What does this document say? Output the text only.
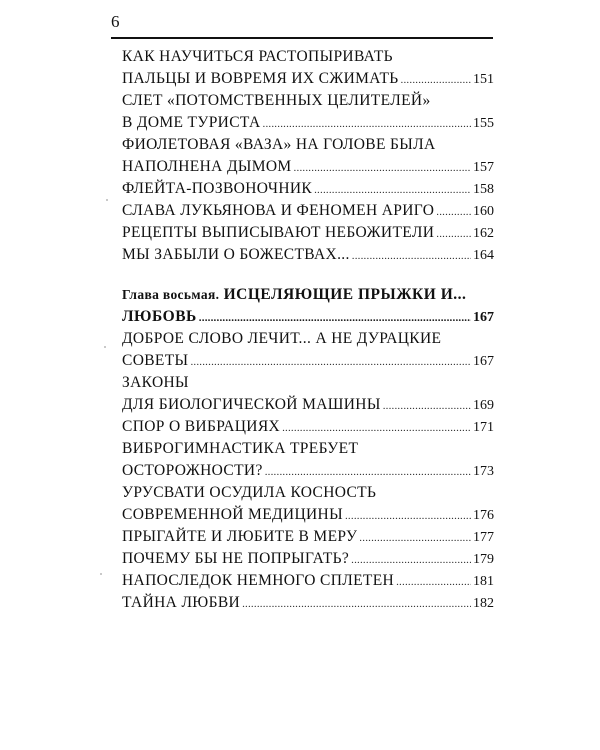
6
КАК НАУЧИТЬСЯ РАСТОПЫРИВАТЬ
ПАЛЬЦЫ И ВОВРЕМЯ ИХ СЖИМАТЬ .....	151
СЛЕТ «ПОТОМСТВЕННЫХ ЦЕЛИТЕЛЕЙ»
В ДОМЕ ТУРИСТА .....	155
ФИОЛЕТОВАЯ «ВАЗА» НА ГОЛОВЕ БЫЛА
НАПОЛНЕНА ДЫМОМ .....	157
ФЛЕЙТА-ПОЗВОНОЧНИК .....	158
СЛАВА ЛУКЬЯНОВА И ФЕНОМЕН АРИГО .....	160
РЕЦЕПТЫ ВЫПИСЫВАЮТ НЕБОЖИТЕЛИ .....	162
МЫ ЗАБЫЛИ О БОЖЕСТВАХ... .....	164
Глава восьмая. ИСЦЕЛЯЮЩИЕ ПРЫЖКИ И...
ЛЮБОВЬ .....	167
ДОБРОЕ СЛОВО ЛЕЧИТ... А НЕ ДУРАЦКИЕ
СОВЕТЫ .....	167
ЗАКОНЫ
ДЛЯ БИОЛОГИЧЕСКОЙ МАШИНЫ .....	169
СПОР О ВИБРАЦИЯХ .....	171
ВИБРОГИМНАСТИКА ТРЕБУЕТ
ОСТОРОЖНОСТИ? .....	173
УРУСВАТИ ОСУДИЛА КОСНОСТЬ
СОВРЕМЕННОЙ МЕДИЦИНЫ .....	176
ПРЫГАЙТЕ И ЛЮБИТЕ В МЕРУ .....	177
ПОЧЕМУ БЫ НЕ ПОПРЫГАТЬ? .....	179
НАПОСЛЕДОК НЕМНОГО СПЛЕТЕН .....	181
ТАЙНА ЛЮБВИ .....	182
